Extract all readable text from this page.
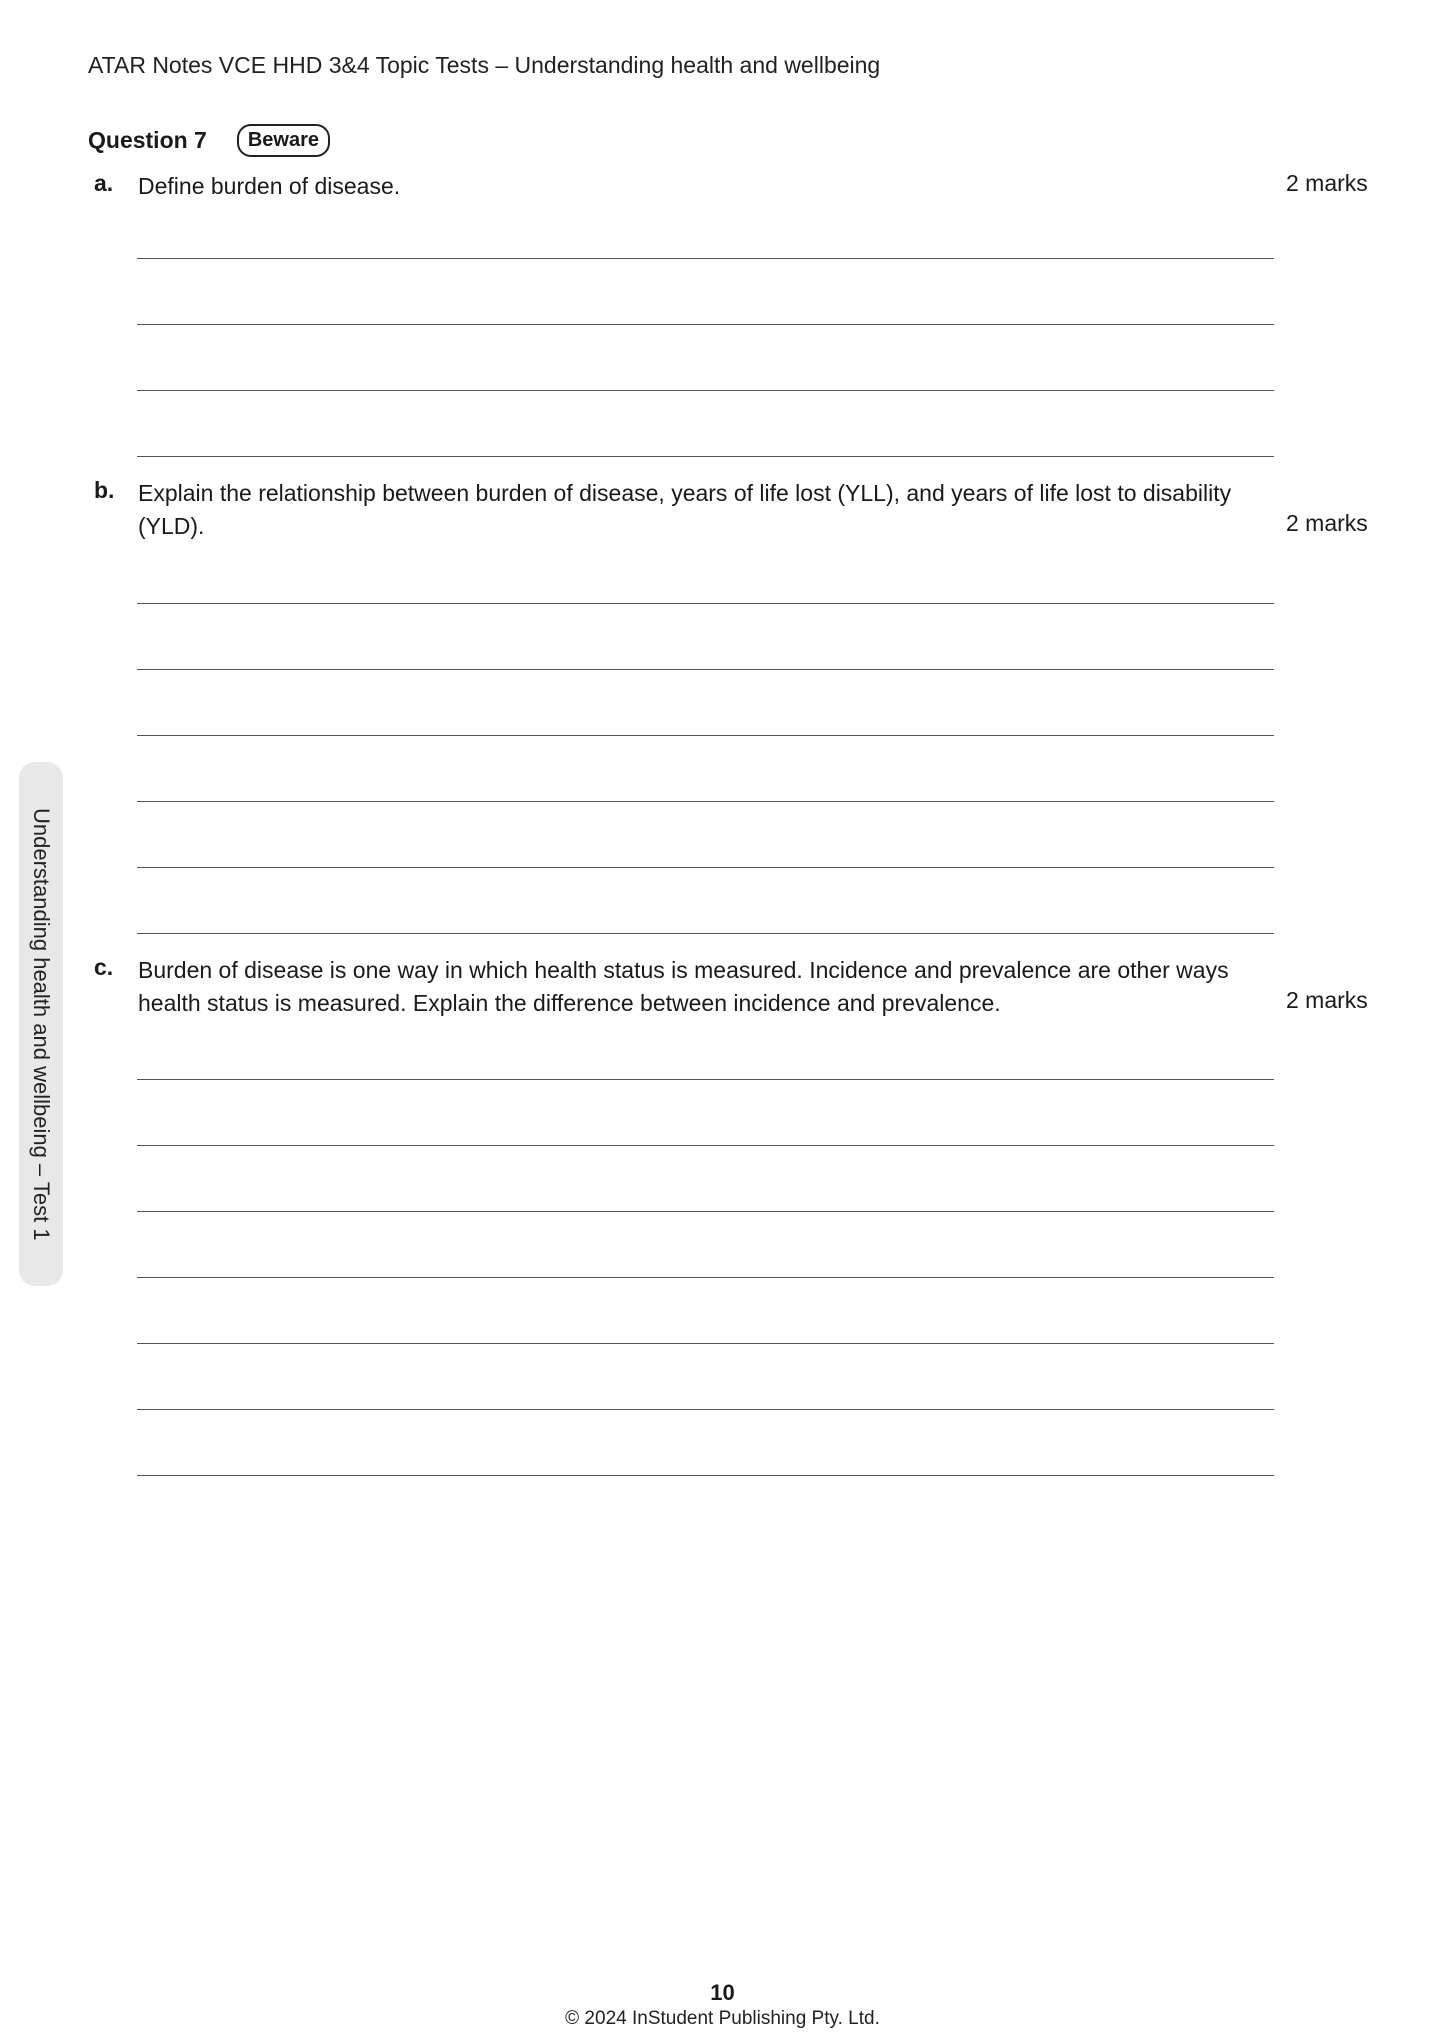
ATAR Notes VCE HHD 3&4 Topic Tests – Understanding health and wellbeing
Question 7	Beware
a. Define burden of disease.	2 marks
b. Explain the relationship between burden of disease, years of life lost (YLL), and years of life lost to disability (YLD).	2 marks
c. Burden of disease is one way in which health status is measured. Incidence and prevalence are other ways health status is measured. Explain the difference between incidence and prevalence.	2 marks
Understanding health and wellbeing – Test 1
10
© 2024 InStudent Publishing Pty. Ltd.
